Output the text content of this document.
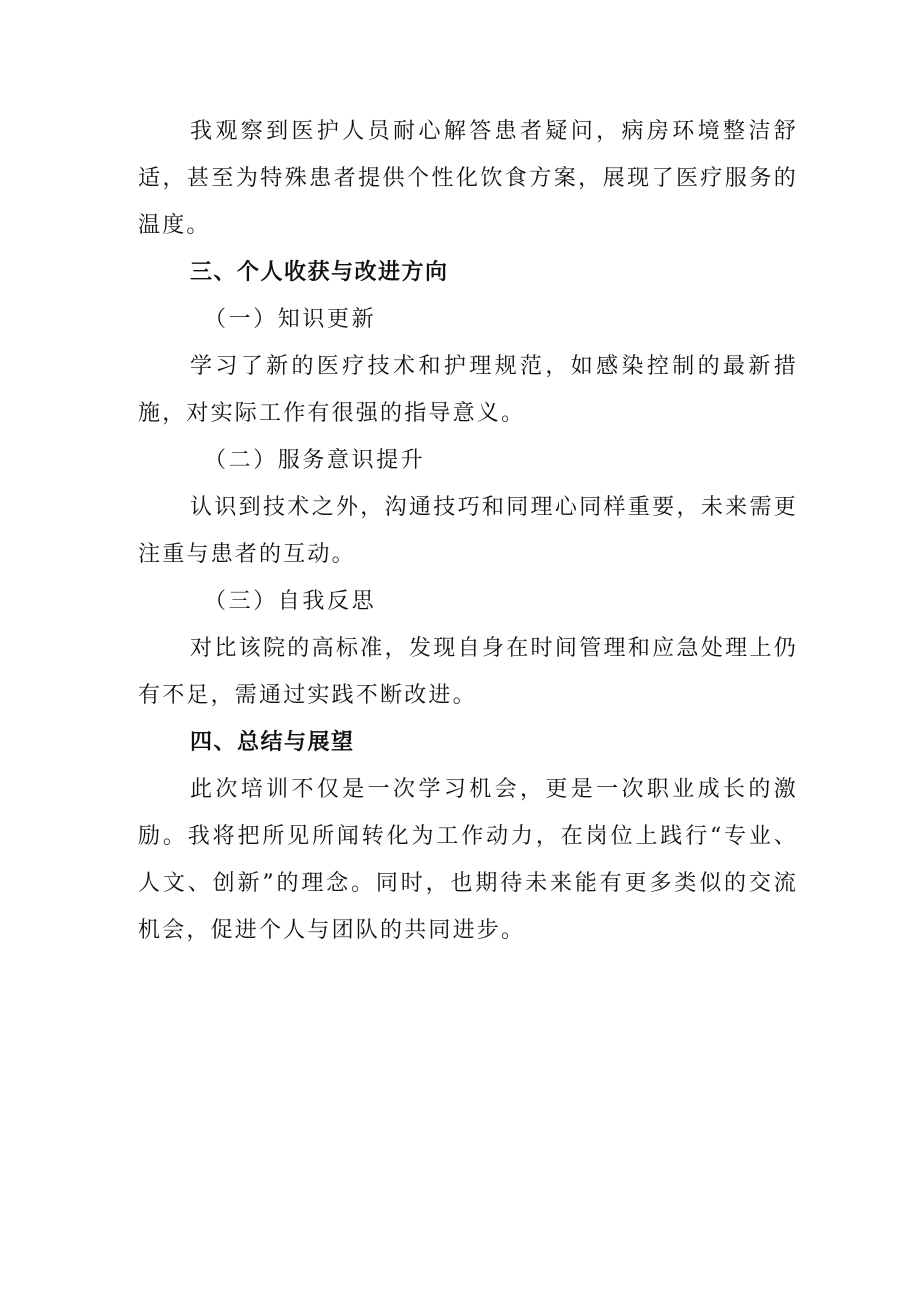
我观察到医护人员耐心解答患者疑问，病房环境整洁舒适，甚至为特殊患者提供个性化饮食方案，展现了医疗服务的温度。

三、个人收获与改进方向

（一）知识更新

学习了新的医疗技术和护理规范，如感染控制的最新措施，对实际工作有很强的指导意义。

（二）服务意识提升

认识到技术之外，沟通技巧和同理心同样重要，未来需更注重与患者的互动。

（三）自我反思

对比该院的高标准，发现自身在时间管理和应急处理上仍有不足，需通过实践不断改进。

四、总结与展望

此次培训不仅是一次学习机会，更是一次职业成长的激励。我将把所见所闻转化为工作动力，在岗位上践行“专业、人文、创新”的理念。同时，也期待未来能有更多类似的交流机会，促进个人与团队的共同进步。
